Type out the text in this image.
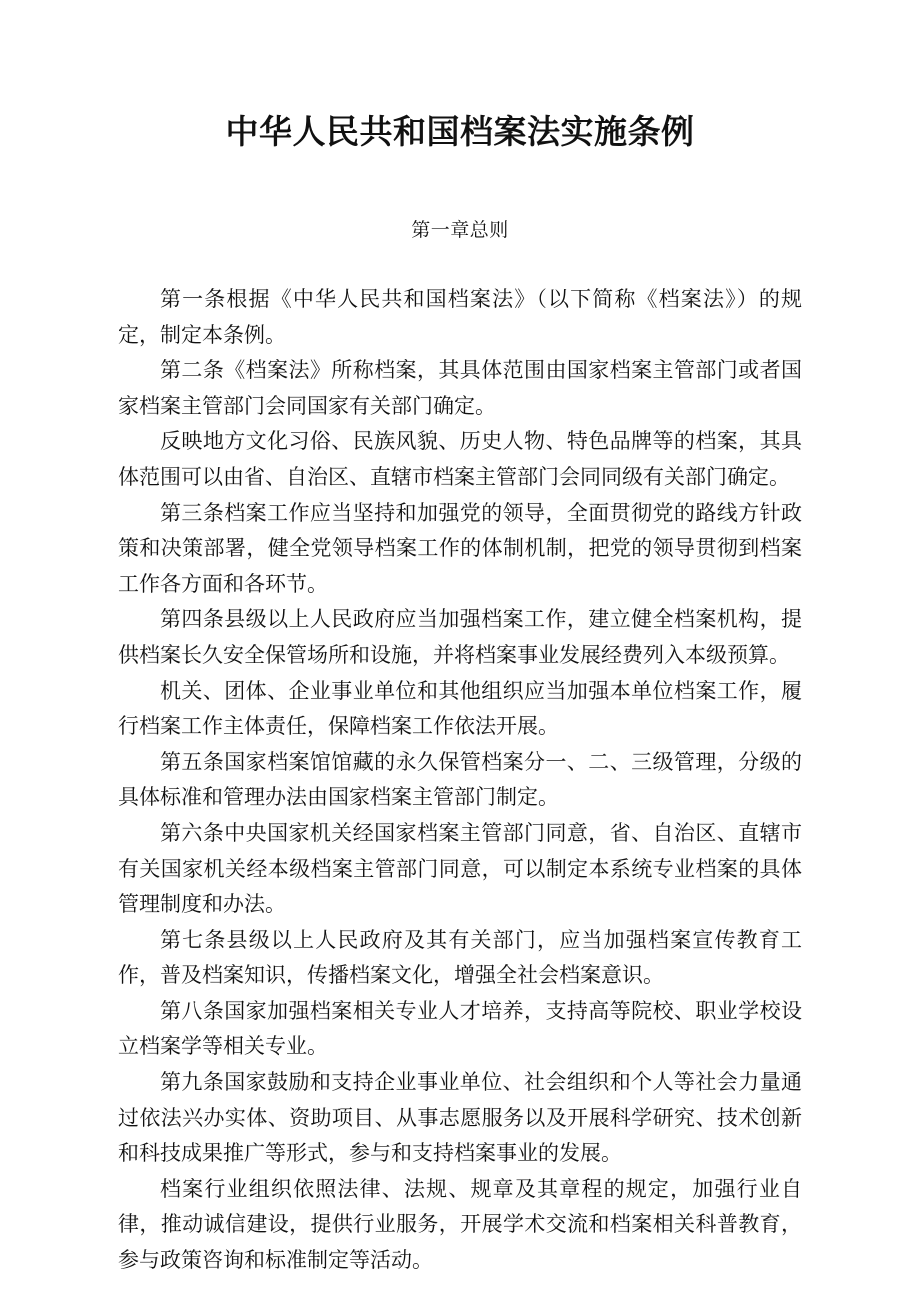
中华人民共和国档案法实施条例
第一章总则

第一条根据《中华人民共和国档案法》（以下简称《档案法》）的规定，制定本条例。

第二条《档案法》所称档案，其具体范围由国家档案主管部门或者国家档案主管部门会同国家有关部门确定。

反映地方文化习俗、民族风貌、历史人物、特色品牌等的档案，其具体范围可以由省、自治区、直辖市档案主管部门会同同级有关部门确定。

第三条档案工作应当坚持和加强党的领导，全面贯彻党的路线方针政策和决策部署，健全党领导档案工作的体制机制，把党的领导贯彻到档案工作各方面和各环节。

第四条县级以上人民政府应当加强档案工作，建立健全档案机构，提供档案长久安全保管场所和设施，并将档案事业发展经费列入本级预算。

机关、团体、企业事业单位和其他组织应当加强本单位档案工作，履行档案工作主体责任，保障档案工作依法开展。

第五条国家档案馆馆藏的永久保管档案分一、二、三级管理，分级的具体标准和管理办法由国家档案主管部门制定。

第六条中央国家机关经国家档案主管部门同意，省、自治区、直辖市有关国家机关经本级档案主管部门同意，可以制定本系统专业档案的具体管理制度和办法。

第七条县级以上人民政府及其有关部门，应当加强档案宣传教育工作，普及档案知识，传播档案文化，增强全社会档案意识。

第八条国家加强档案相关专业人才培养，支持高等院校、职业学校设立档案学等相关专业。

第九条国家鼓励和支持企业事业单位、社会组织和个人等社会力量通过依法兴办实体、资助项目、从事志愿服务以及开展科学研究、技术创新和科技成果推广等形式，参与和支持档案事业的发展。

档案行业组织依照法律、法规、规章及其章程的规定，加强行业自律，推动诚信建设，提供行业服务，开展学术交流和档案相关科普教育，参与政策咨询和标准制定等活动。
